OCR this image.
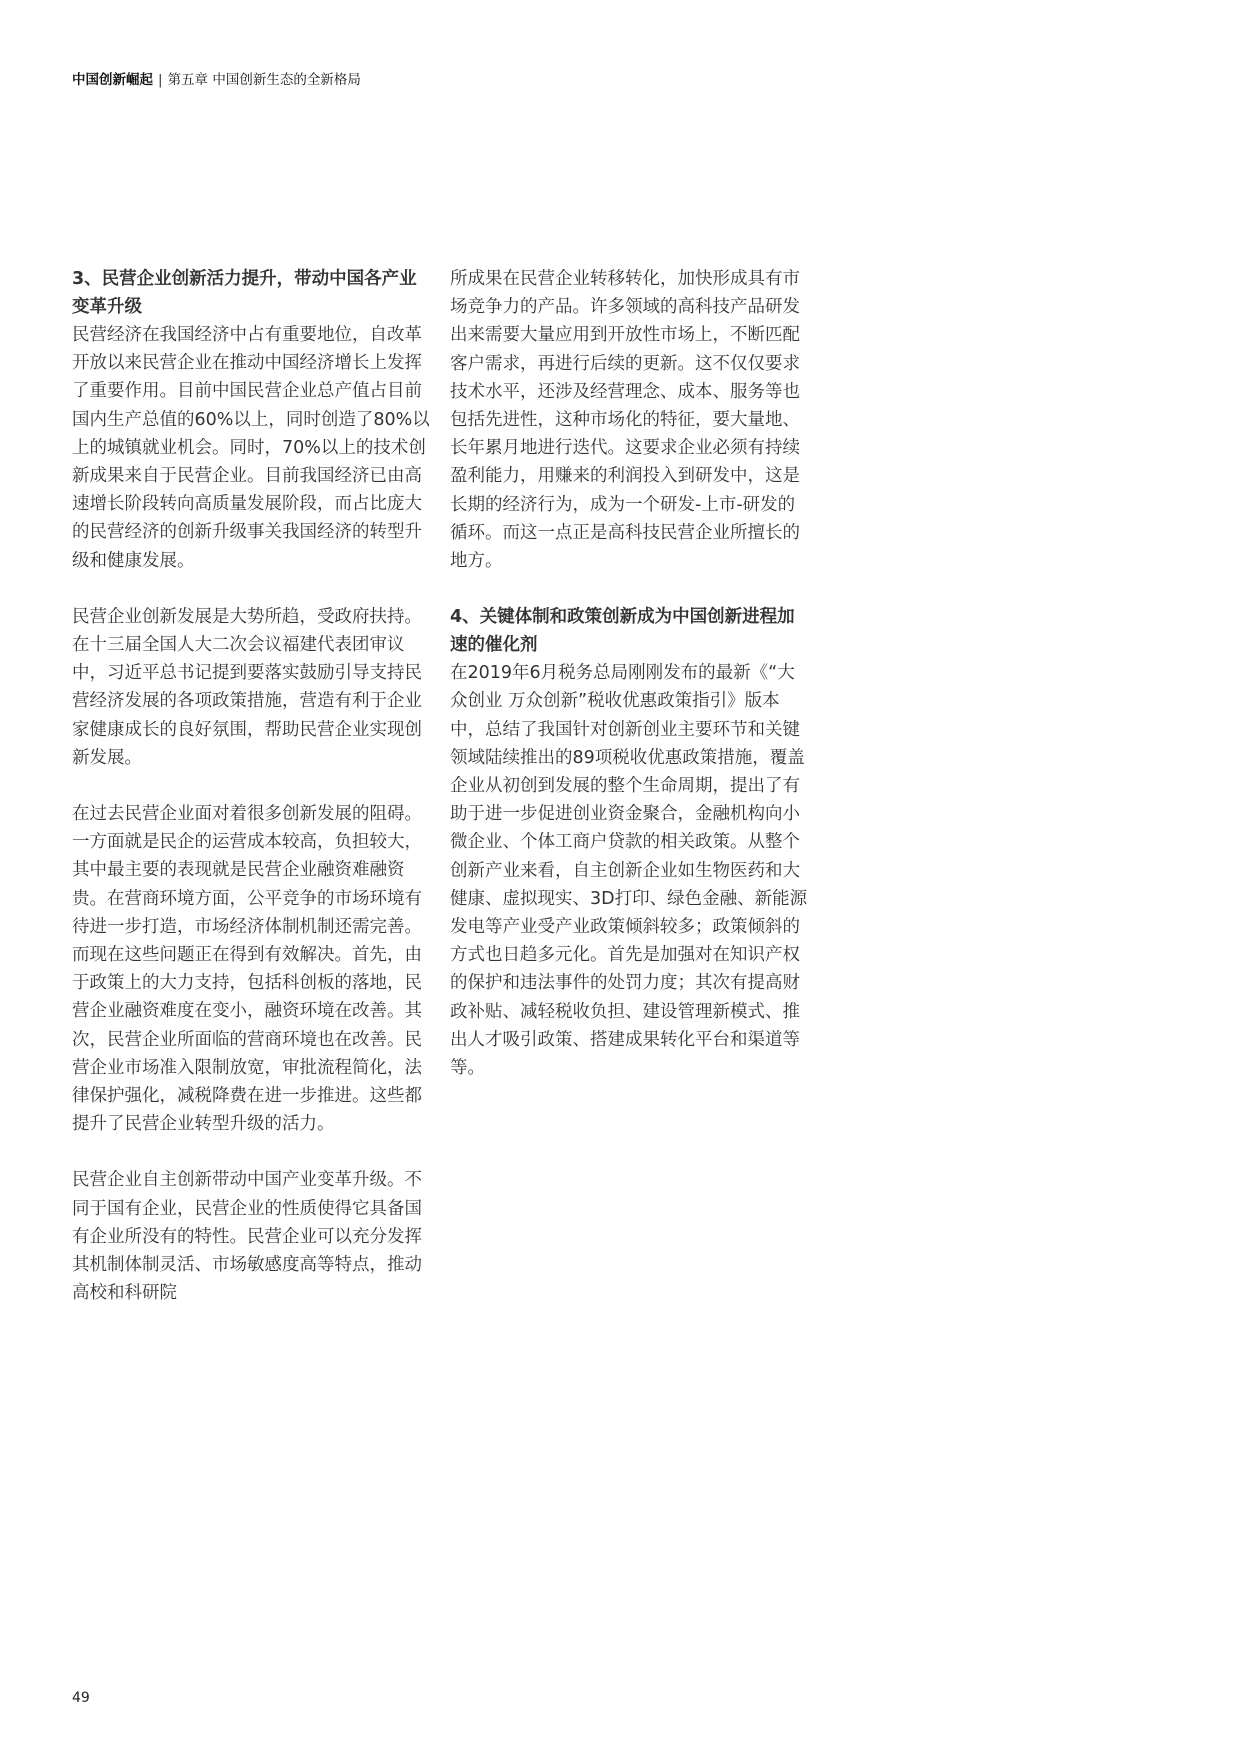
中国创新崛起 | 第五章 中国创新生态的全新格局

3、民营企业创新活力提升，带动中国各产业变革升级

民营经济在我国经济中占有重要地位，自改革开放以来民营企业在推动中国经济增长上发挥了重要作用。目前中国民营企业总产值占目前国内生产总值的60%以上，同时创造了80%以上的城镇就业机会。同时，70%以上的技术创新成果来自于民营企业。目前我国经济已由高速增长阶段转向高质量发展阶段，而占比庞大的民营经济的创新升级事关我国经济的转型升级和健康发展。

民营企业创新发展是大势所趋，受政府扶持。在十三届全国人大二次会议福建代表团审议中，习近平总书记提到要落实鼓励引导支持民营经济发展的各项政策措施，营造有利于企业家健康成长的良好氛围，帮助民营企业实现创新发展。

在过去民营企业面对着很多创新发展的阻碍。一方面就是民企的运营成本较高，负担较大，其中最主要的表现就是民营企业融资难融资贵。在营商环境方面，公平竞争的市场环境有待进一步打造，市场经济体制机制还需完善。而现在这些问题正在得到有效解决。首先，由于政策上的大力支持，包括科创板的落地，民营企业融资难度在变小，融资环境在改善。其次，民营企业所面临的营商环境也在改善。民营企业市场准入限制放宽，审批流程简化，法律保护强化，减税降费在进一步推进。这些都提升了民营企业转型升级的活力。

民营企业自主创新带动中国产业变革升级。不同于国有企业，民营企业的性质使得它具备国有企业所没有的特性。民营企业可以充分发挥其机制体制灵活、市场敏感度高等特点，推动高校和科研院

所成果在民营企业转移转化，加快形成具有市场竞争力的产品。许多领域的高科技产品研发出来需要大量应用到开放性市场上，不断匹配客户需求，再进行后续的更新。这不仅仅要求技术水平，还涉及经营理念、成本、服务等也包括先进性，这种市场化的特征，要大量地、长年累月地进行迭代。这要求企业必须有持续盈利能力，用赚来的利润投入到研发中，这是长期的经济行为，成为一个研发-上市-研发的循环。而这一点正是高科技民营企业所擅长的地方。

4、关键体制和政策创新成为中国创新进程加速的催化剂

在2019年6月税务总局刚刚发布的最新《“大众创业 万众创新”税收优惠政策指引》版本中，总结了我国针对创新创业主要环节和关键领域陆续推出的89项税收优惠政策措施，覆盖企业从初创到发展的整个生命周期，提出了有助于进一步促进创业资金聚合，金融机构向小微企业、个体工商户贷款的相关政策。从整个创新产业来看，自主创新企业如生物医药和大健康、虚拟现实、3D打印、绿色金融、新能源发电等产业受产业政策倾斜较多；政策倾斜的方式也日趋多元化。首先是加强对在知识产权的保护和违法事件的处罚力度；其次有提高财政补贴、减轻税收负担、建设管理新模式、推出人才吸引政策、搭建成果转化平台和渠道等等。

49
